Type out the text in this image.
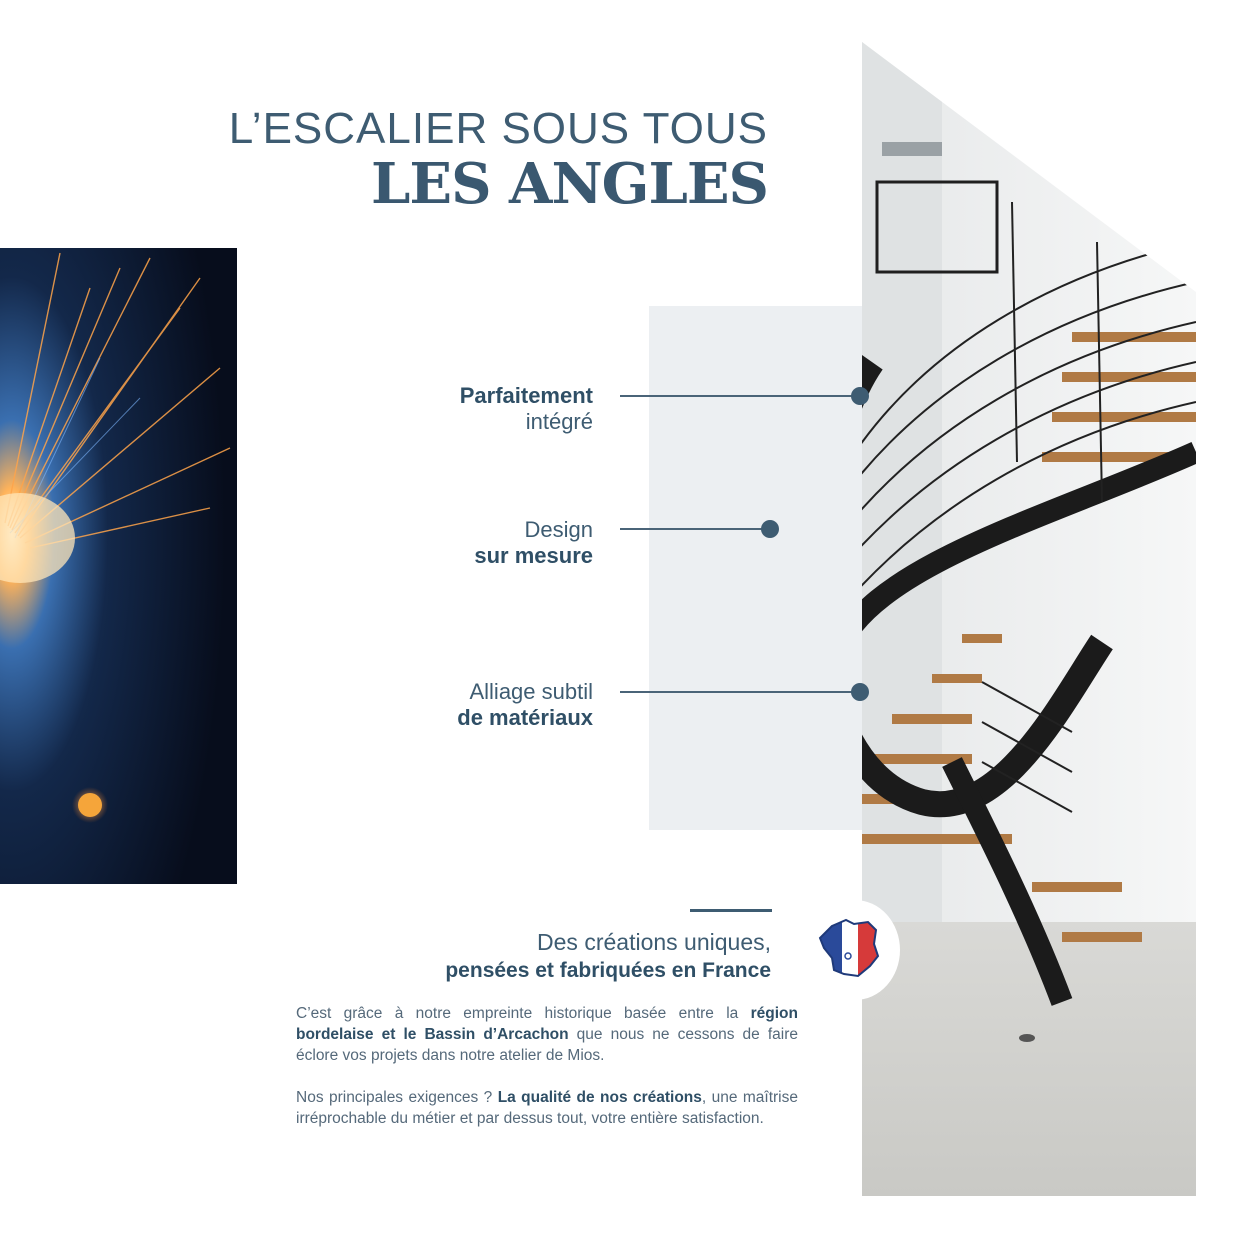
L’ESCALIER SOUS TOUS
LES ANGLES
Parfaitement
intégré
Design
sur mesure
Alliage subtil
de matériaux
Des créations uniques,
pensées et fabriquées en France
C’est grâce à notre empreinte historique basée entre la région bordelaise et le Bassin d’Arcachon que nous ne cessons de faire éclore vos projets dans notre atelier de Mios.
Nos principales exigences ? La qualité de nos créations, une maîtrise irréprochable du métier et par dessus tout, votre entière satisfaction.
